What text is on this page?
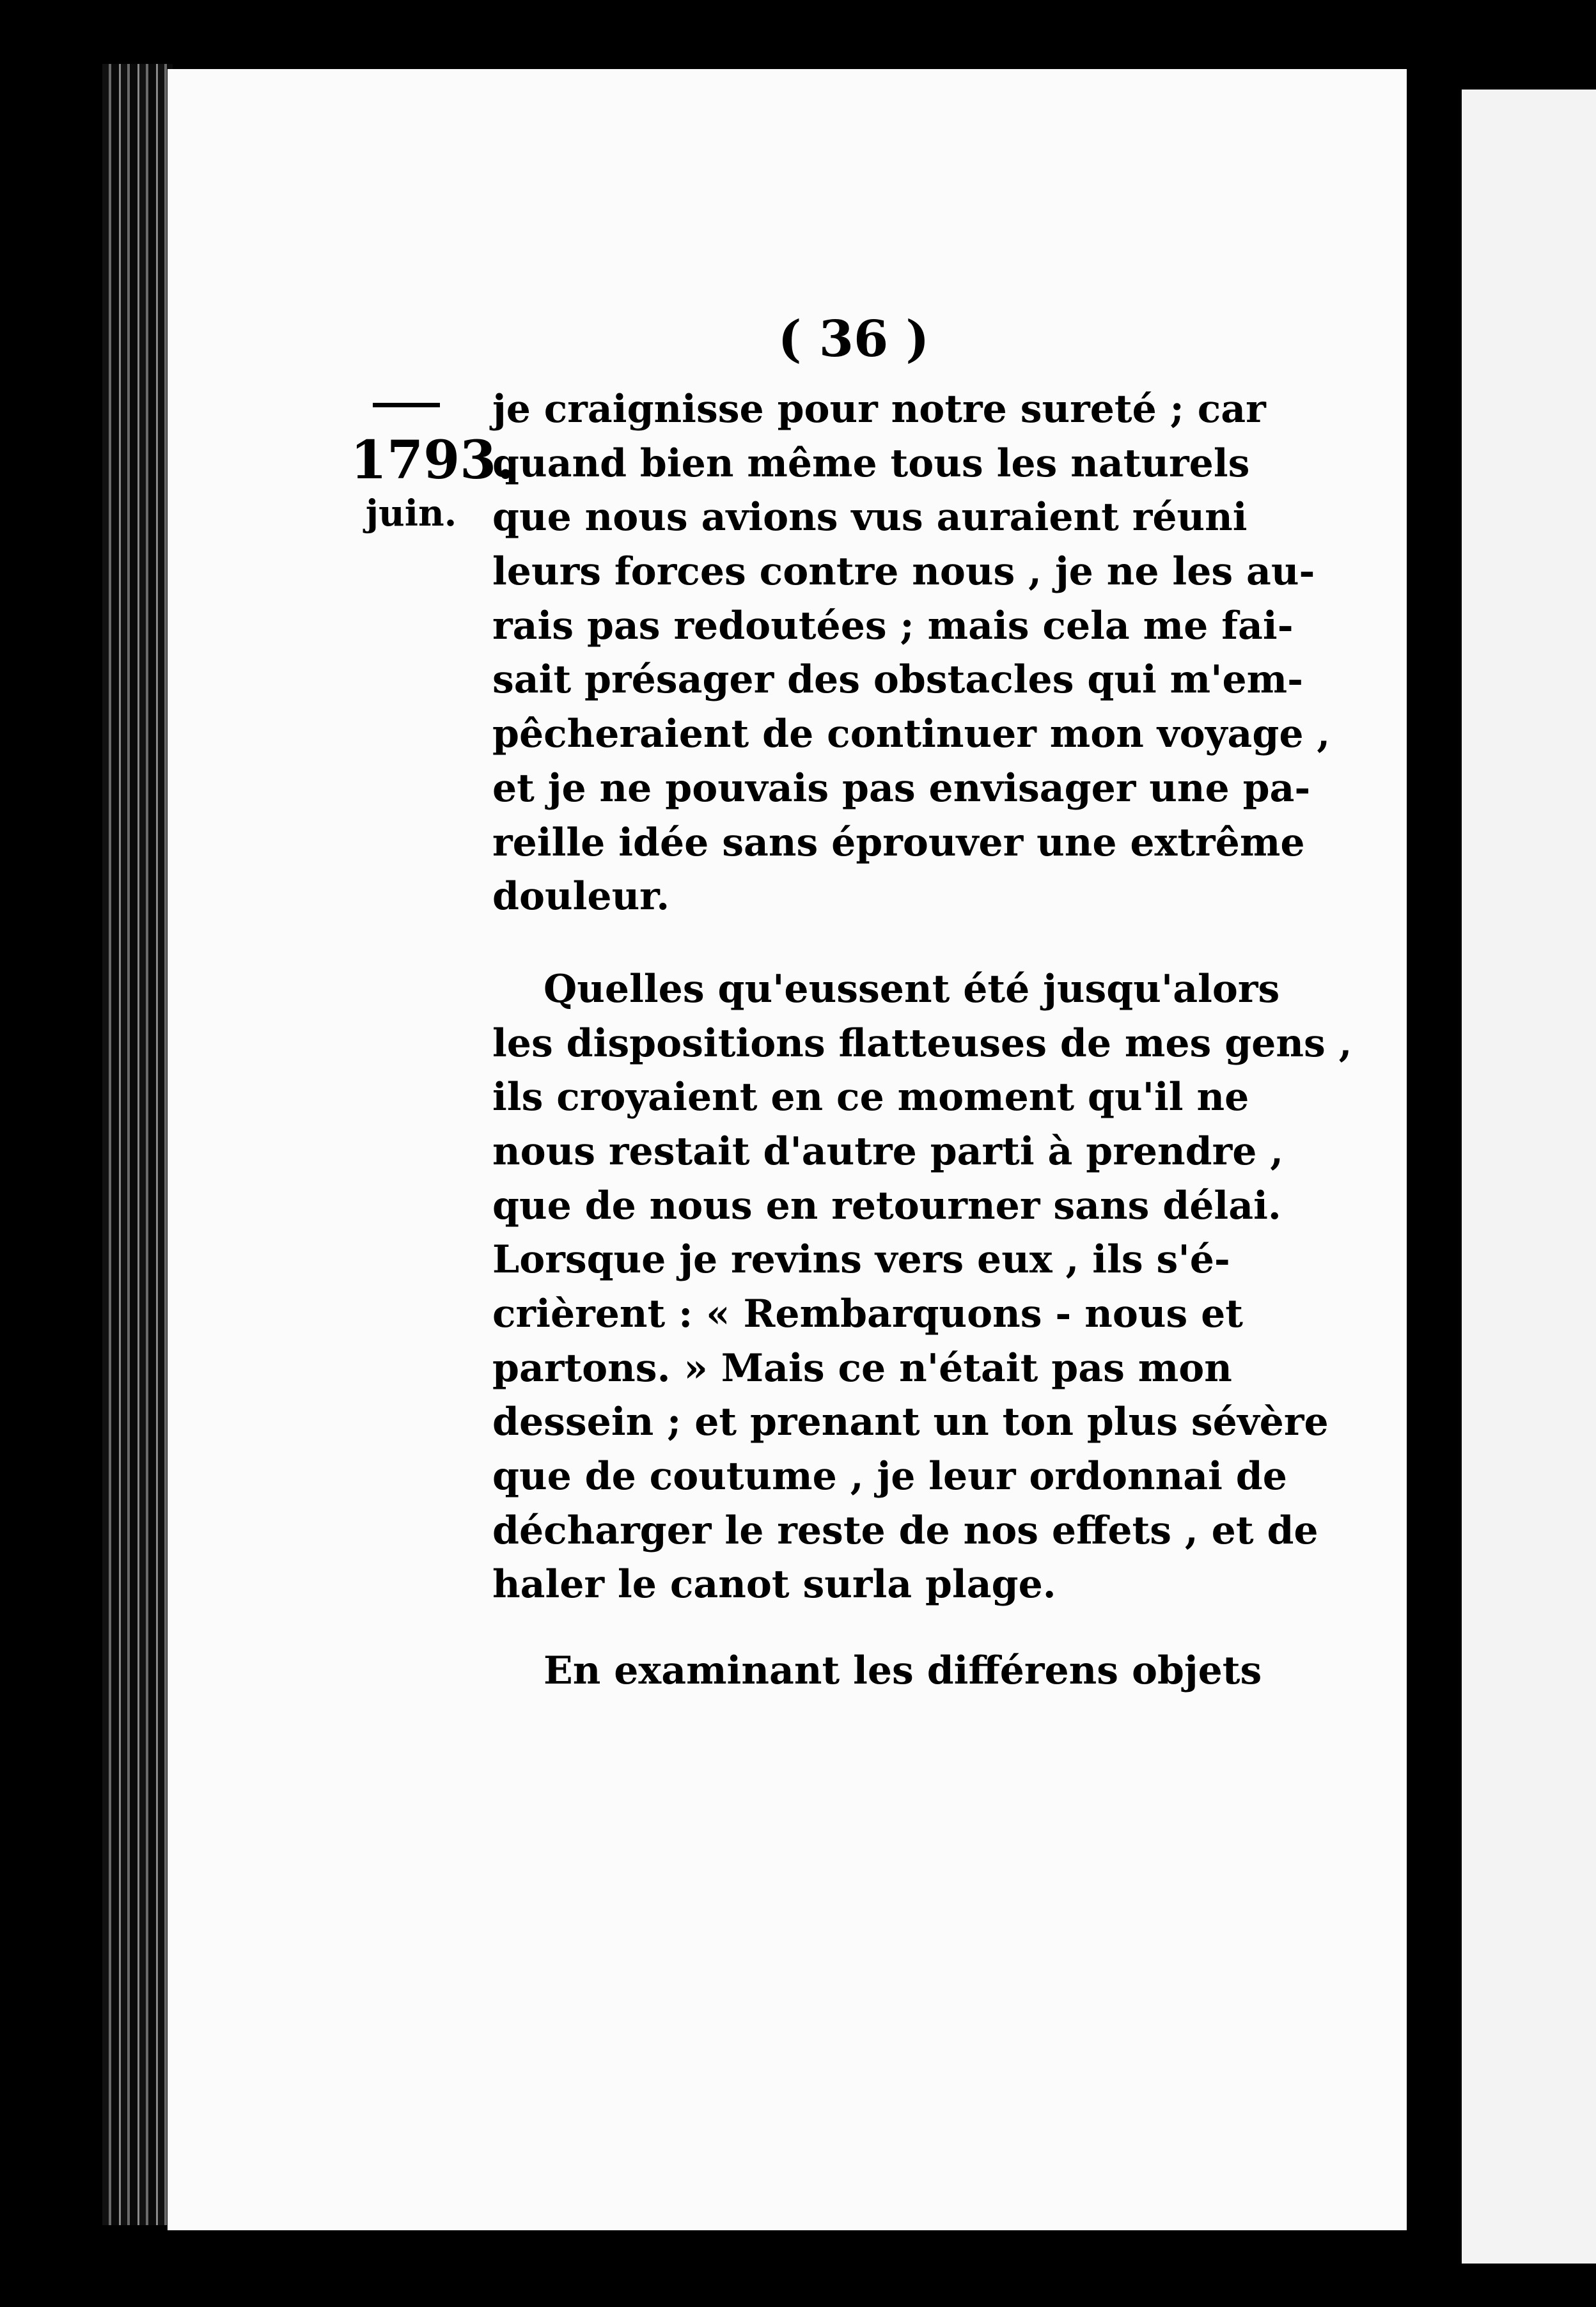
( 36 )
1793.
juin.
je craignisse pour notre sureté ; car
quand bien même tous les naturels
que nous avions vus auraient réuni
leurs forces contre nous , je ne les au-
rais pas redoutées ; mais cela me fai-
sait présager des obstacles qui m'em-
pêcheraient de continuer mon voyage ,
et je ne pouvais pas envisager une pa-
reille idée sans éprouver une extrême
douleur.
Quelles qu'eussent été jusqu'alors
les dispositions flatteuses de mes gens ,
ils croyaient en ce moment qu'il ne
nous restait d'autre parti à prendre ,
que de nous en retourner sans délai.
Lorsque je revins vers eux , ils s'é-
crièrent : « Rembarquons - nous et
partons. » Mais ce n'était pas mon
dessein ; et prenant un ton plus sévère
que de coutume , je leur ordonnai de
décharger le reste de nos effets , et de
haler le canot surla plage.
En examinant les différens objets
